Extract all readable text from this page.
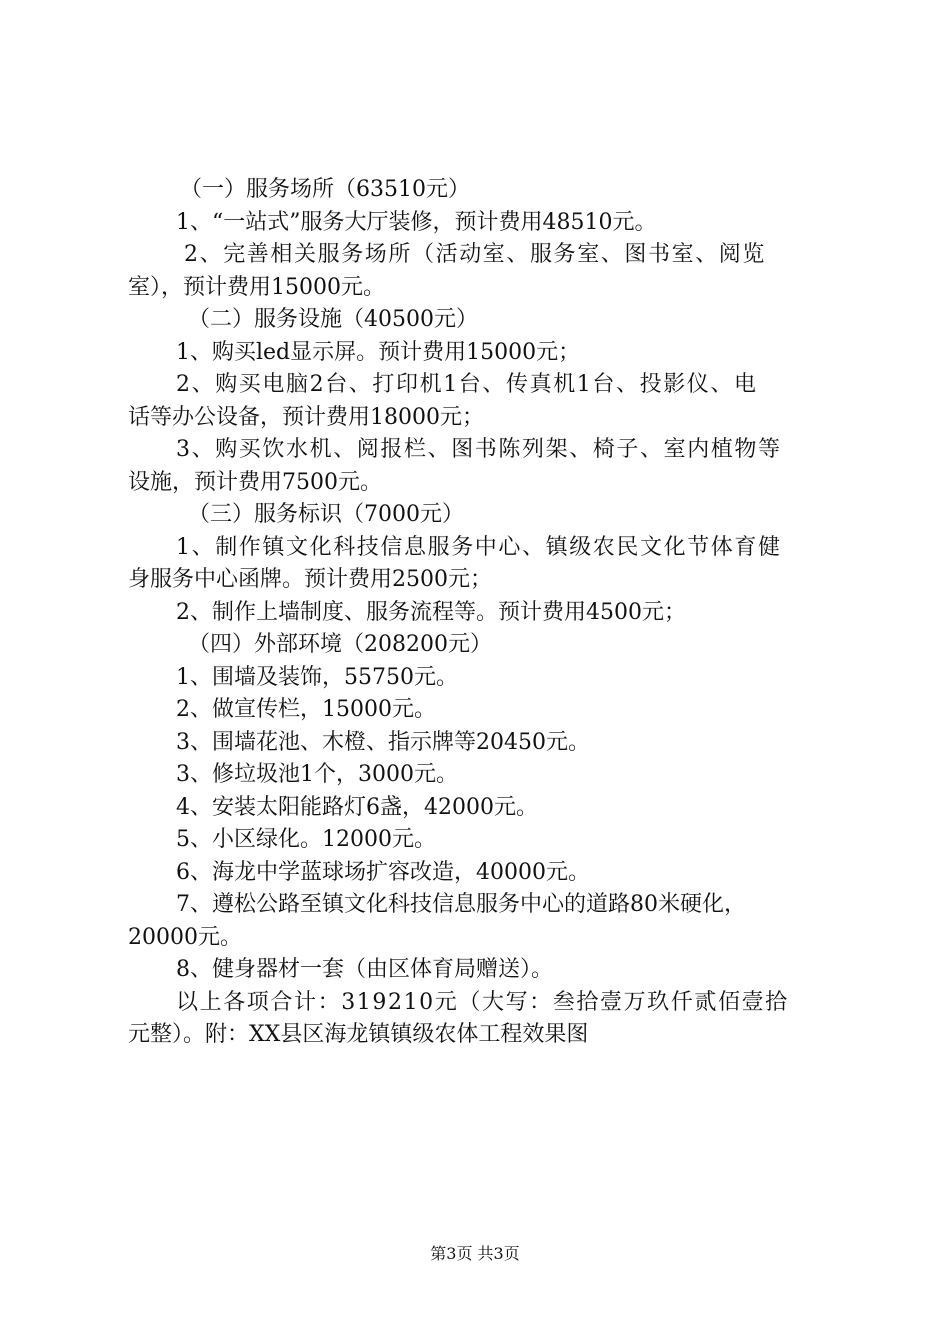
（一）服务场所（63510元）
1、“一站式”服务大厅装修，预计费用48510元。
2、完善相关服务场所（活动室、服务室、图书室、阅览
室），预计费用15000元。
（二）服务设施（40500元）
1、购买led显示屏。预计费用15000元；
2、购买电脑2台、打印机1台、传真机1台、投影仪、电
话等办公设备，预计费用18000元；
3、购买饮水机、阅报栏、图书陈列架、椅子、室内植物等
设施，预计费用7500元。
（三）服务标识（7000元）
1、制作镇文化科技信息服务中心、镇级农民文化节体育健
身服务中心函牌。预计费用2500元；
2、制作上墙制度、服务流程等。预计费用4500元；
（四）外部环境（208200元）
1、围墙及装饰，55750元。
2、做宣传栏，15000元。
3、围墙花池、木橙、指示牌等20450元。
3、修垃圾池1个，3000元。
4、安装太阳能路灯6盏，42000元。
5、小区绿化。12000元。
6、海龙中学蓝球场扩容改造，40000元。
7、遵松公路至镇文化科技信息服务中心的道路80米硬化，
20000元。
8、健身器材一套（由区体育局赠送）。
以上各项合计：319210元（大写：叁拾壹万玖仟贰佰壹拾
元整）。附：XX县区海龙镇镇级农体工程效果图
第3页 共3页
